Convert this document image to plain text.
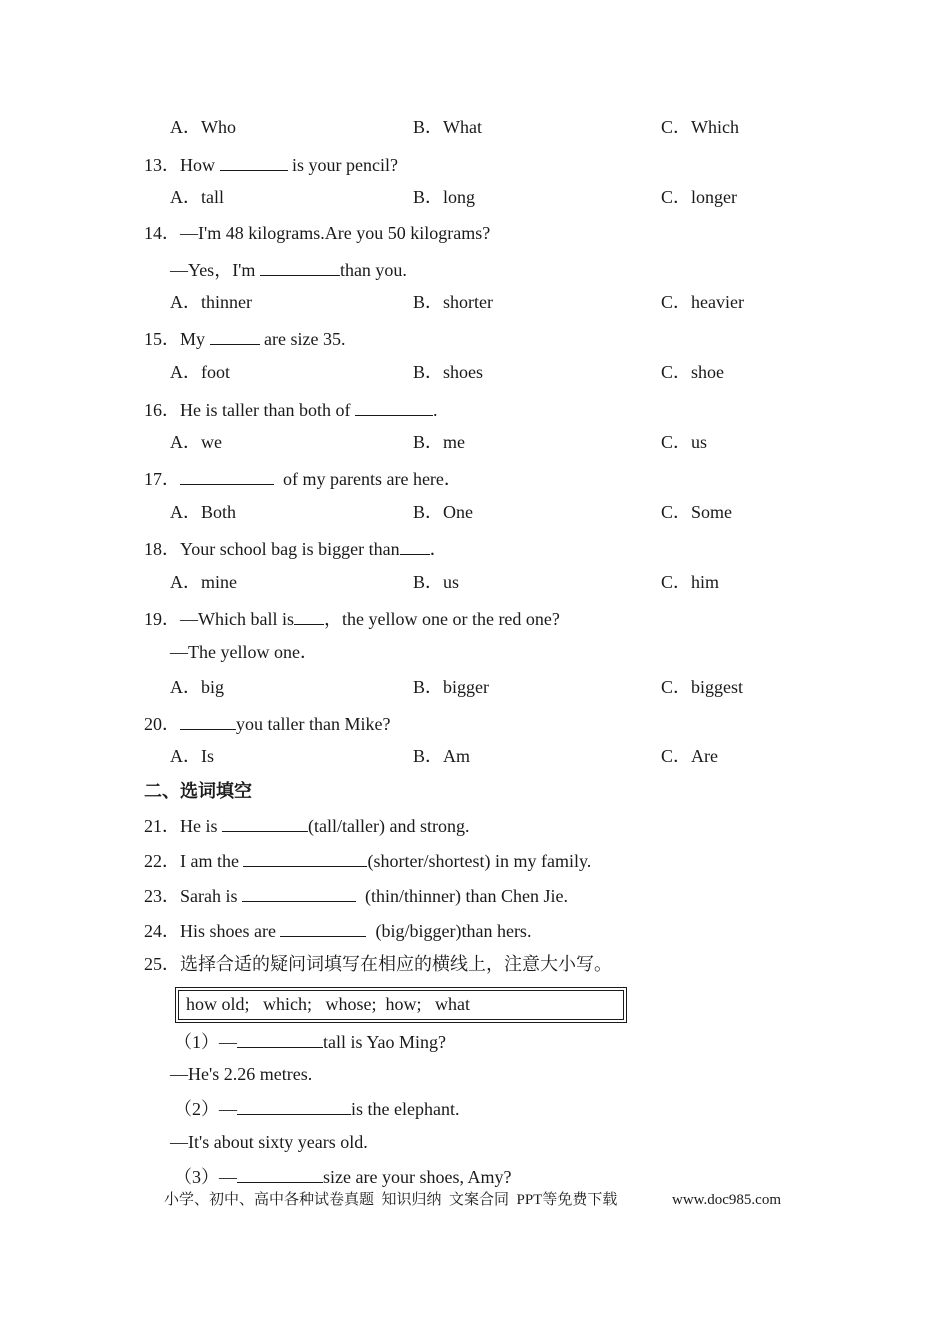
A．Who	B．What	C．Which
13．How	is your pencil?
A．tall	B．long	C．longer
14．—I'm 48 kilograms.Are you 50 kilograms?
—Yes，I'm	than you.
A．thinner	B．shorter	C．heavier
15．My	are size 35.
A．foot	B．shoes	C．shoe
16．He is taller than both of	.
A．we	B．me	C．us
17．	of my parents are here．
A．Both	B．One	C．Some
18．Your school bag is bigger than ．
A．mine	B．us	C．him
19．—Which ball is ，the yellow one or the red one?
—The yellow one．
A．big	B．bigger	C．biggest
20．	you taller than Mike?
A．Is	B．Am	C．Are
二、选词填空
21．He is	(tall/taller) and strong.
22．I am the	(shorter/shortest) in my family.
23．Sarah is	(thin/thinner) than Chen Jie.
24．His shoes are	(big/bigger)than hers.
25．选择合适的疑问词填写在相应的横线上，注意大小写。
how old;   which;   whose;  how;   what
（1）—	tall is Yao Ming?
—He's 2.26 metres.
（2）—	is the elephant.
—It's about sixty years old.
（3）—	size are your shoes, Amy?
小学、初中、高中各种试卷真题  知识归纳  文案合同  PPT等免费下载	www.doc985.com
